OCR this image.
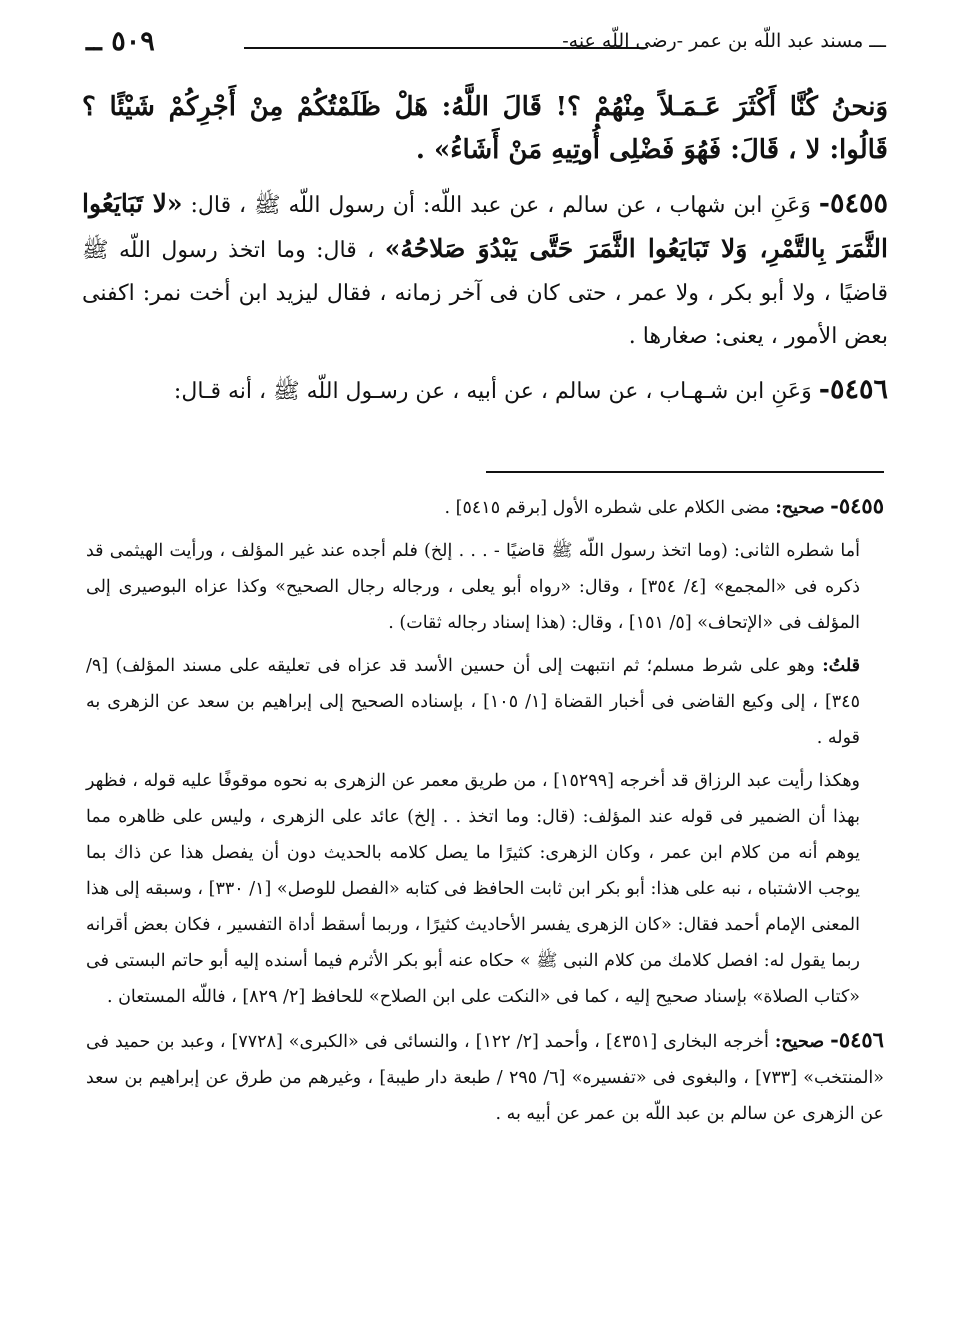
ـــ مسند عبد اللّه بن عمر -رضى اللّه عنه-
٥٠٩ ــ

وَنحنُ كُنَّا أَكْثَرَ عَـمَـلاً مِنْهُمْ ؟! قَالَ اللَّهُ: هَلْ ظَلَمْتُكُمْ مِنْ أَجْرِكُمْ شَيْئًا ؟ قَالُوا: لا ، قَالَ: فَهُوَ فَضْلِى أُوتِيهِ مَنْ أَشَاءُ» .

٥٤٥٥- وَعَنِ ابن شهاب ، عن سالم ، عن عبد اللّه: أن رسول اللّه ﷺ ، قال: «لا تَبَايَعُوا الثَّمَرَ بِالتَّمْرِ، وَلا تَبَايَعُوا الثَّمَرَ حَتَّى يَبْدُوَ صَلاحُهُ» ، قال: وما اتخذ رسول اللّه ﷺ قاضيًا ، ولا أبو بكر ، ولا عمر ، حتى كان فى آخر زمانه ، فقال ليزيد ابن أخت نمر: اكفنى بعض الأمور ، يعنى: صغارها .

٥٤٥٦- وَعَنِ ابن شـهـاب ، عن سالم ، عن أبيه ، عن رسـول اللّه ﷺ ، أنه قـال:

٥٤٥٥- صحيح: مضى الكلام على شطره الأول [برقم ٥٤١٥] .

أما شطره الثانى: (وما اتخذ رسول اللّه ﷺ قاضيًا - . . . إلخ) فلم أجده عند غير المؤلف ، ورأيت الهيثمى قد ذكره فى «المجمع» [٤/ ٣٥٤] ، وقال: «رواه أبو يعلى ، ورجاله رجال الصحيح» وكذا عزاه البوصيرى إلى المؤلف فى «الإتحاف» [٥/ ١٥١] ، وقال: (هذا إسناد رجاله ثقات) .

قلتُ: وهو على شرط مسلم؛ ثم انتبهت إلى أن حسين الأسد قد عزاه فى تعليقه على مسند المؤلف) [٩/ ٣٤٥] ، إلى وكيع القاضى فى أخبار القضاة [١/ ١٠٥] ، بإسناده الصحيح إلى إبراهيم بن سعد عن الزهرى به قوله .

وهكذا رأيت عبد الرزاق قد أخرجه [١٥٢٩٩] ، من طريق معمر عن الزهرى به نحوه موقوفًا عليه قوله ، فظهر بهذا أن الضمير فى قوله عند المؤلف: (قال: وما اتخذ . . إلخ) عائد على الزهرى ، وليس على ظاهره مما يوهم أنه من كلام ابن عمر ، وكان الزهرى: كثيرًا ما يصل كلامه بالحديث دون أن يفصل هذا عن ذاك بما يوجب الاشتباه ، نبه على هذا: أبو بكر ابن ثابت الحافظ فى كتابه «الفصل للوصل» [١/ ٣٣٠] ، وسبقه إلى هذا المعنى الإمام أحمد فقال: «كان الزهرى يفسر الأحاديث كثيرًا ، وربما أسقط أداة التفسير ، فكان بعض أقرانه ربما يقول له: افصل كلامك من كلام النبى ﷺ » حكاه عنه أبو بكر الأثرم فيما أسنده إليه أبو حاتم البستى فى «كتاب الصلاة» بإسناد صحيح إليه ، كما فى «النكت على ابن الصلاح» للحافظ [٢/ ٨٢٩] ، فاللّه المستعان .

٥٤٥٦- صحيح: أخرجه البخارى [٤٣٥١] ، وأحمد [٢/ ١٢٢] ، والنسائى فى «الكبرى» [٧٧٢٨] ، وعبد بن حميد فى «المنتخب» [٧٣٣] ، والبغوى فى «تفسيره» [٦/ ٢٩٥ / طبعة دار طيبة] ، وغيرهم من طرق عن إبراهيم بن سعد عن الزهرى عن سالم بن عبد اللّه بن عمر عن أبيه به .
